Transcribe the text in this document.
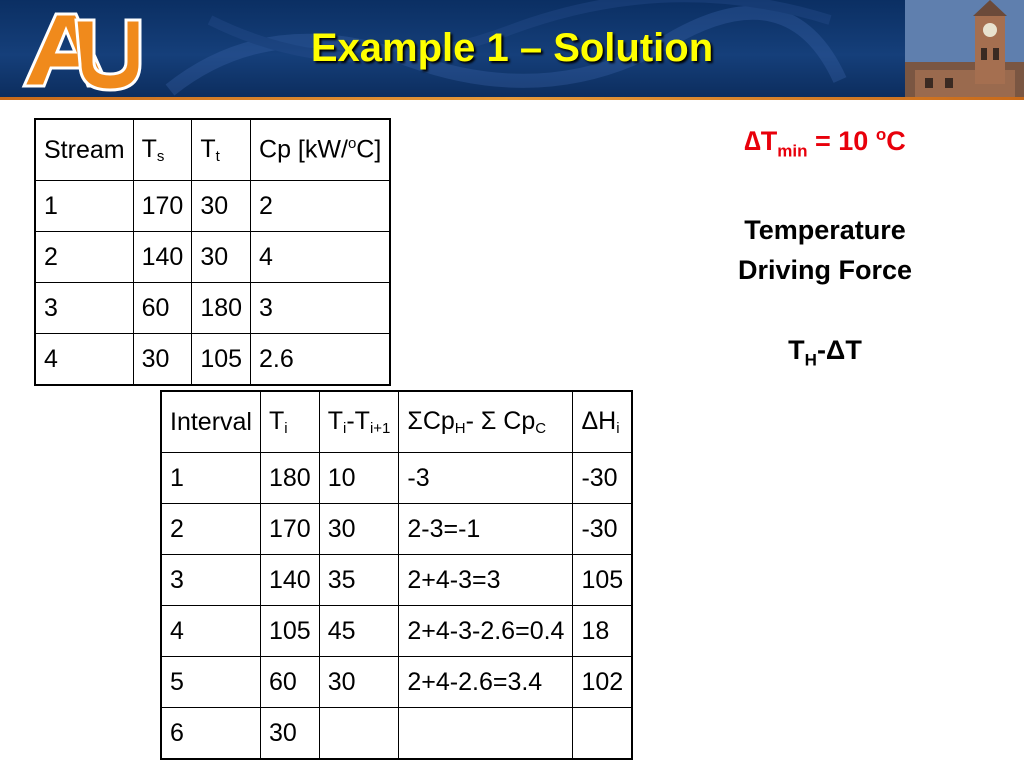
Example 1 – Solution
Stream	$T_s$	$T_t$	Cp [kW/$^o$C]
1	170	30	2
2	140	30	4
3	60	180	3
4	30	105	2.6
Interval	$T_i$	$T_i-T_{i+1}$	ΣCp$_H$- Σ $Cp_C$	$\Delta H_i$
1	180	10	-3	-30
2	170	30	2-3=-1	-30
3	140	35	2+4-3=3	105
4	105	45	2+4-3-2.6=0.4	18
5	60	30	2+4-2.6=3.4	102
6	30			
$\Delta T_{min} = 10$ $^o$C
Temperature
Driving Force
$T_H-\Delta T$
